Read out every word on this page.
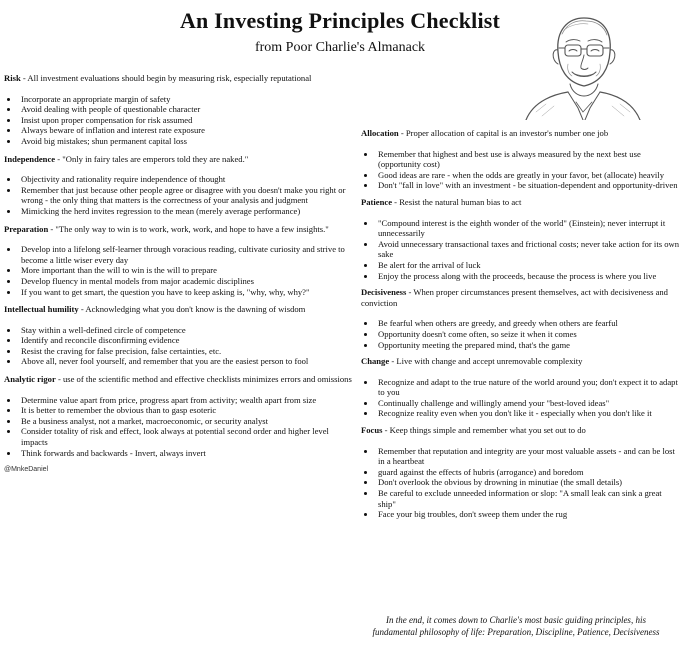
An Investing Principles Checklist
from Poor Charlie's Almanack
Risk - All investment evaluations should begin by measuring risk, especially reputational
• Incorporate an appropriate margin of safety
• Avoid dealing with people of questionable character
• Insist upon proper compensation for risk assumed
• Always beware of inflation and interest rate exposure
• Avoid big mistakes; shun permanent capital loss
Independence - "Only in fairy tales are emperors told they are naked."
• Objectivity and rationality require independence of thought
• Remember that just because other people agree or disagree with you doesn't make you right or wrong - the only thing that matters is the correctness of your analysis and judgment
• Mimicking the herd invites regression to the mean (merely average performance)
Preparation - "The only way to win is to work, work, work, and hope to have a few insights."
• Develop into a lifelong self-learner through voracious reading, cultivate curiosity and strive to become a little wiser every day
• More important than the will to win is the will to prepare
• Develop fluency in mental models from major academic disciplines
• If you want to get smart, the question you have to keep asking is, "why, why, why?"
Intellectual humility - Acknowledging what you don't know is the dawning of wisdom
• Stay within a well-defined circle of competence
• Identify and reconcile disconfirming evidence
• Resist the craving for false precision, false certainties, etc.
• Above all, never fool yourself, and remember that you are the easiest person to fool
Analytic rigor - use of the scientific method and effective checklists minimizes errors and omissions
• Determine value apart from price, progress apart from activity; wealth apart from size
• It is better to remember the obvious than to gasp esoteric
• Be a business analyst, not a market, macroeconomic, or security analyst
• Consider totality of risk and effect, look always at potential second order and higher level impacts
• Think forwards and backwards - Invert, always invert
@MnkeDaniel
Allocation - Proper allocation of capital is an investor's number one job
• Remember that highest and best use is always measured by the next best use (opportunity cost)
• Good ideas are rare - when the odds are greatly in your favor, bet (allocate) heavily
• Don't "fall in love" with an investment - be situation-dependent and opportunity-driven
Patience - Resist the natural human bias to act
• "Compound interest is the eighth wonder of the world" (Einstein); never interrupt it unnecessarily
• Avoid unnecessary transactional taxes and frictional costs; never take action for its own sake
• Be alert for the arrival of luck
• Enjoy the process along with the proceeds, because the process is where you live
Decisiveness - When proper circumstances present themselves, act with decisiveness and conviction
• Be fearful when others are greedy, and greedy when others are fearful
• Opportunity doesn't come often, so seize it when it comes
• Opportunity meeting the prepared mind, that's the game
Change - Live with change and accept unremovable complexity
• Recognize and adapt to the true nature of the world around you; don't expect it to adapt to you
• Continually challenge and willingly amend your "best-loved ideas"
• Recognize reality even when you don't like it - especially when you don't like it
Focus - Keep things simple and remember what you set out to do
• Remember that reputation and integrity are your most valuable assets - and can be lost in a heartbeat
• guard against the effects of hubris (arrogance) and boredom
• Don't overlook the obvious by drowning in minutiae (the small details)
• Be careful to exclude unneeded information or slop: "A small leak can sink a great ship"
• Face your big troubles, don't sweep them under the rug
In the end, it comes down to Charlie's most basic guiding principles, his
fundamental philosophy of life: Preparation, Discipline, Patience, Decisiveness
